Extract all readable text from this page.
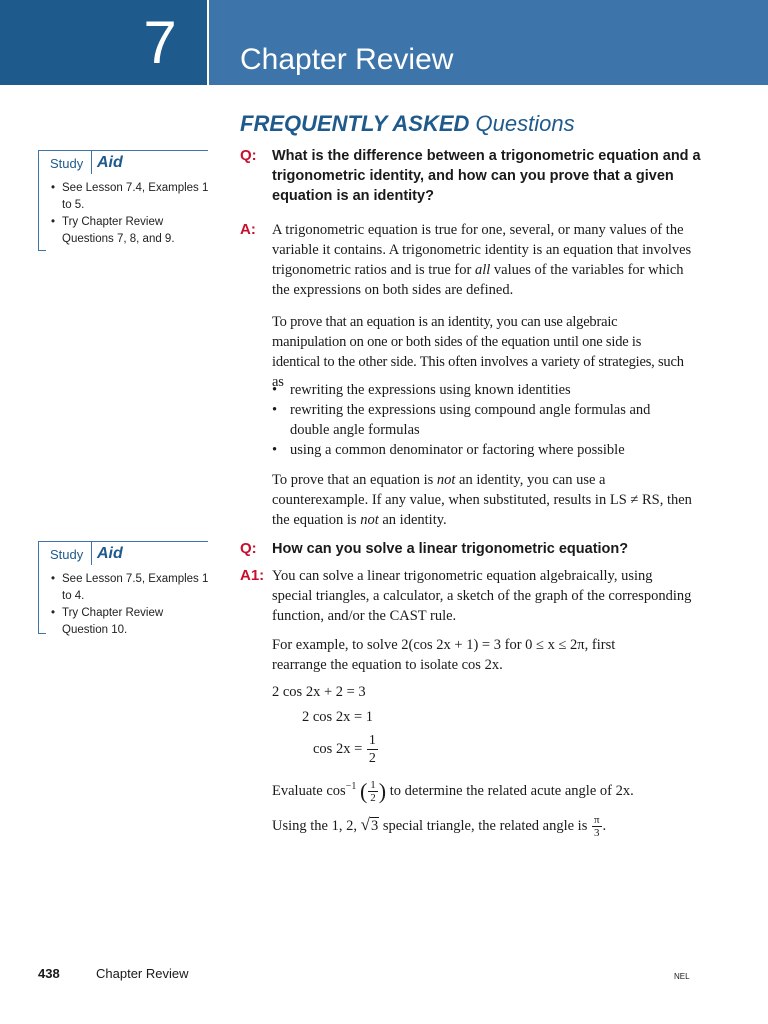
7	Chapter Review
FREQUENTLY ASKED Questions
Study Aid
• See Lesson 7.4, Examples 1 to 5.
• Try Chapter Review Questions 7, 8, and 9.
Q: What is the difference between a trigonometric equation and a trigonometric identity, and how can you prove that a given equation is an identity?
A: A trigonometric equation is true for one, several, or many values of the variable it contains. A trigonometric identity is an equation that involves trigonometric ratios and is true for all values of the variables for which the expressions on both sides are defined.
To prove that an equation is an identity, you can use algebraic manipulation on one or both sides of the equation until one side is identical to the other side. This often involves a variety of strategies, such as
• rewriting the expressions using known identities
• rewriting the expressions using compound angle formulas and double angle formulas
• using a common denominator or factoring where possible
To prove that an equation is not an identity, you can use a counterexample. If any value, when substituted, results in LS ≠ RS, then the equation is not an identity.
Study Aid
• See Lesson 7.5, Examples 1 to 4.
• Try Chapter Review Question 10.
Q: How can you solve a linear trigonometric equation?
A1: You can solve a linear trigonometric equation algebraically, using special triangles, a calculator, a sketch of the graph of the corresponding function, and/or the CAST rule.
For example, to solve 2(cos 2x + 1) = 3 for 0 ≤ x ≤ 2π, first
rearrange the equation to isolate cos 2x.
2 cos 2x + 2 = 3
2 cos 2x = 1
$\cos 2x = \frac{1}{2}$
Evaluate $\cos^{-1}$ ( $\frac{1}{2}$ ) to determine the related acute angle of 2x.
Using the 1, 2, √3 special triangle, the related angle is $\frac{\pi}{3}$ .
438	Chapter Review	NEL
